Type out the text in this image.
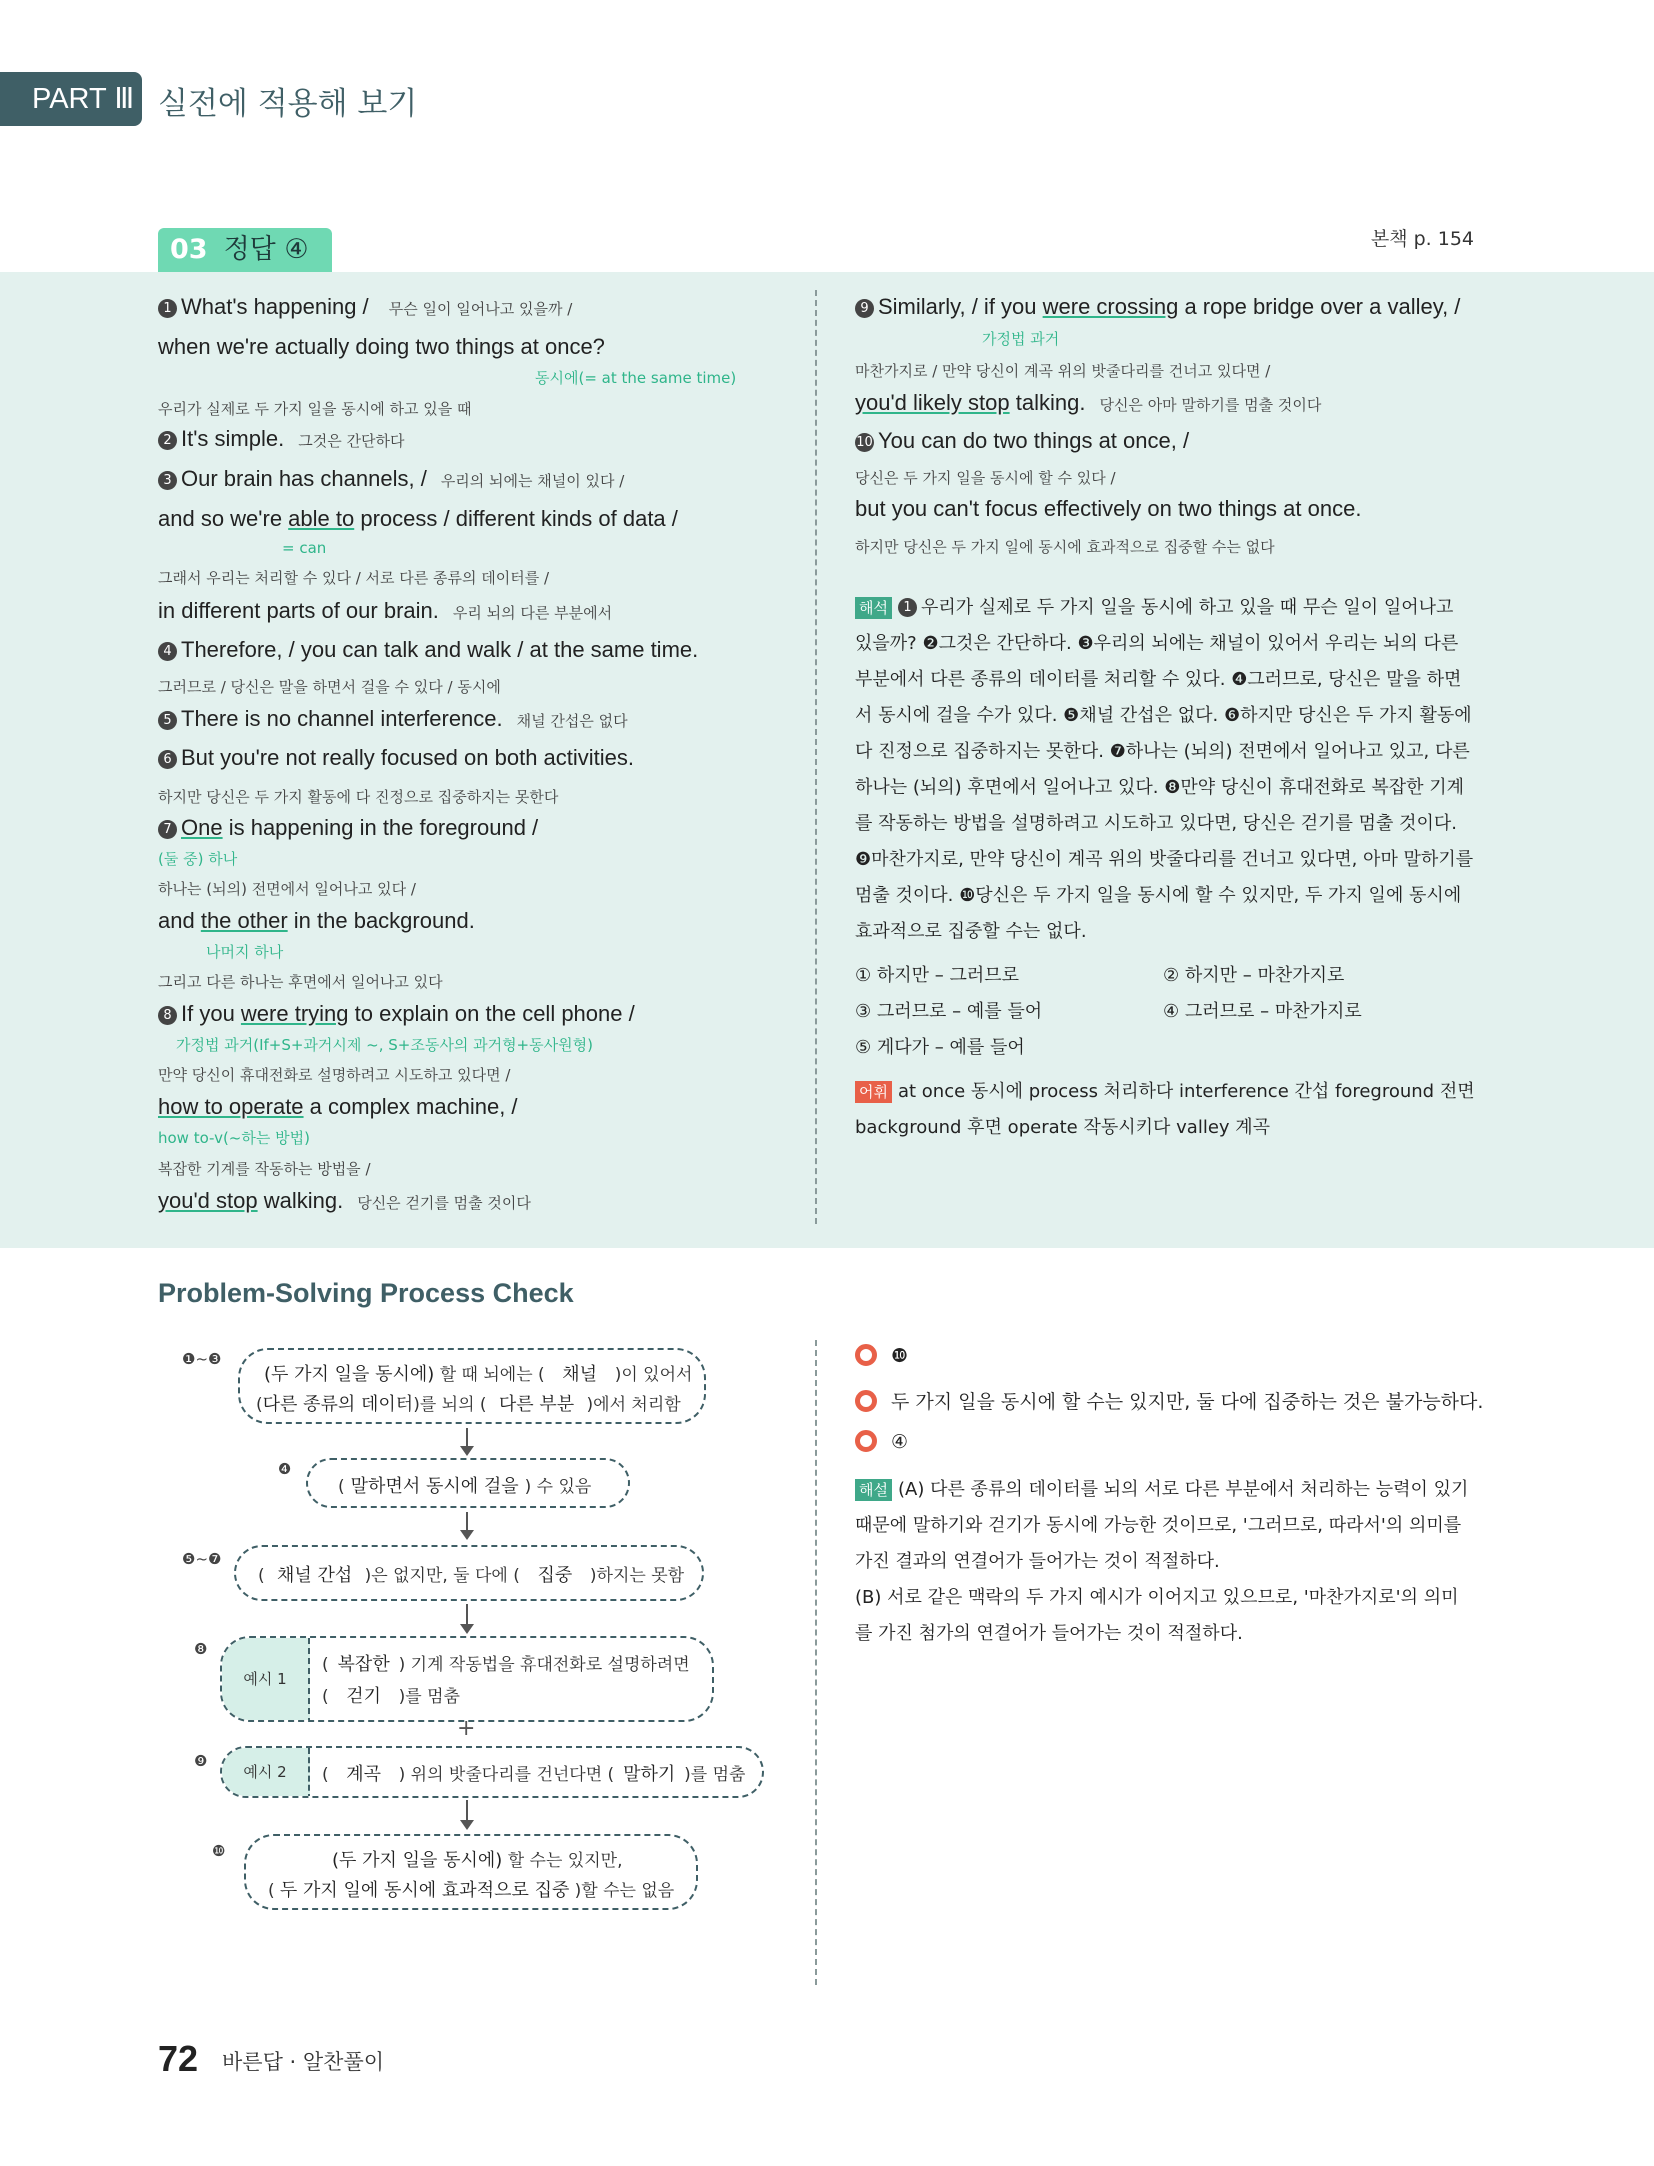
PART Ⅲ 실전에 적용해 보기
03 정답 ④	본책 p. 154
1 What's happening / 무슨 일이 일어나고 있을까 /
when we're actually doing two things at once?
동시에(= at the same time)
우리가 실제로 두 가지 일을 동시에 하고 있을 때
2 It's simple. 그것은 간단하다
3 Our brain has channels, / 우리의 뇌에는 채널이 있다 /
and so we're able to process / different kinds of data /
= can
그래서 우리는 처리할 수 있다 / 서로 다른 종류의 데이터를 /
in different parts of our brain. 우리 뇌의 다른 부분에서
4 Therefore, / you can talk and walk / at the same time.
그러므로 / 당신은 말을 하면서 걸을 수 있다 / 동시에
5 There is no channel interference. 채널 간섭은 없다
6 But you're not really focused on both activities.
하지만 당신은 두 가지 활동에 다 진정으로 집중하지는 못한다
7 One is happening in the foreground /
(둘 중) 하나
하나는 (뇌의) 전면에서 일어나고 있다 /
and the other in the background.
나머지 하나
그리고 다른 하나는 후면에서 일어나고 있다
8 If you were trying to explain on the cell phone /
가정법 과거(If+S+과거시제 ~, S+조동사의 과거형+동사원형)
만약 당신이 휴대전화로 설명하려고 시도하고 있다면 /
how to operate a complex machine, /
how to-v(~하는 방법)
복잡한 기계를 작동하는 방법을 /
you'd stop walking. 당신은 걷기를 멈출 것이다
9 Similarly, / if you were crossing a rope bridge over a valley, /
가정법 과거
마찬가지로 / 만약 당신이 계곡 위의 밧줄다리를 건너고 있다면 /
you'd likely stop talking. 당신은 아마 말하기를 멈출 것이다
10 You can do two things at once, /
당신은 두 가지 일을 동시에 할 수 있다 /
but you can't focus effectively on two things at once.
하지만 당신은 두 가지 일에 동시에 효과적으로 집중할 수는 없다
해석 1 우리가 실제로 두 가지 일을 동시에 하고 있을 때 무슨 일이 일어나고 있을까? ❷그것은 간단하다. ❸우리의 뇌에는 채널이 있어서 우리는 뇌의 다른 부분에서 다른 종류의 데이터를 처리할 수 있다. ❹그러므로, 당신은 말을 하면서 동시에 걸을 수가 있다. ❺채널 간섭은 없다. ❻하지만 당신은 두 가지 활동에 다 진정으로 집중하지는 못한다. ❼하나는 (뇌의) 전면에서 일어나고 있고, 다른 하나는 (뇌의) 후면에서 일어나고 있다. ❽만약 당신이 휴대전화로 복잡한 기계를 작동하는 방법을 설명하려고 시도하고 있다면, 당신은 걷기를 멈출 것이다. ❾마찬가지로, 만약 당신이 계곡 위의 밧줄다리를 건너고 있다면, 아마 말하기를 멈출 것이다. ❿당신은 두 가지 일을 동시에 할 수 있지만, 두 가지 일에 동시에 효과적으로 집중할 수는 없다.
① 하지만 – 그러므로	② 하지만 – 마찬가지로
③ 그러므로 – 예를 들어	④ 그러므로 – 마찬가지로
⑤ 게다가 – 예를 들어
어휘 at once 동시에 process 처리하다 interference 간섭 foreground 전면 background 후면 operate 작동시키다 valley 계곡
Problem-Solving Process Check
❶~❸
(두 가지 일을 동시에) 할 때 뇌에는 ( 채널 )이 있어서
(다른 종류의 데이터)를 뇌의 ( 다른 부분 )에서 처리함
❹
( 말하면서 동시에 걸을 ) 수 있음
❺~❼
( 채널 간섭 )은 없지만, 둘 다에 ( 집중 )하지는 못함
❽
예시 1
( 복잡한 ) 기계 작동법을 휴대전화로 설명하려면
( 걷기 )를 멈춤
+
❾
예시 2	( 계곡 ) 위의 밧줄다리를 건넌다면 ( 말하기 )를 멈춤
❿	(두 가지 일을 동시에) 할 수는 있지만,
( 두 가지 일에 동시에 효과적으로 집중 )할 수는 없음
❿
두 가지 일을 동시에 할 수는 있지만, 둘 다에 집중하는 것은 불가능하다.
④
해설 (A) 다른 종류의 데이터를 뇌의 서로 다른 부분에서 처리하는 능력이 있기 때문에 말하기와 걷기가 동시에 가능한 것이므로, '그러므로, 따라서'의 의미를 가진 결과의 연결어가 들어가는 것이 적절하다.
(B) 서로 같은 맥락의 두 가지 예시가 이어지고 있으므로, '마찬가지로'의 의미를 가진 첨가의 연결어가 들어가는 것이 적절하다.
72 바른답 · 알찬풀이
